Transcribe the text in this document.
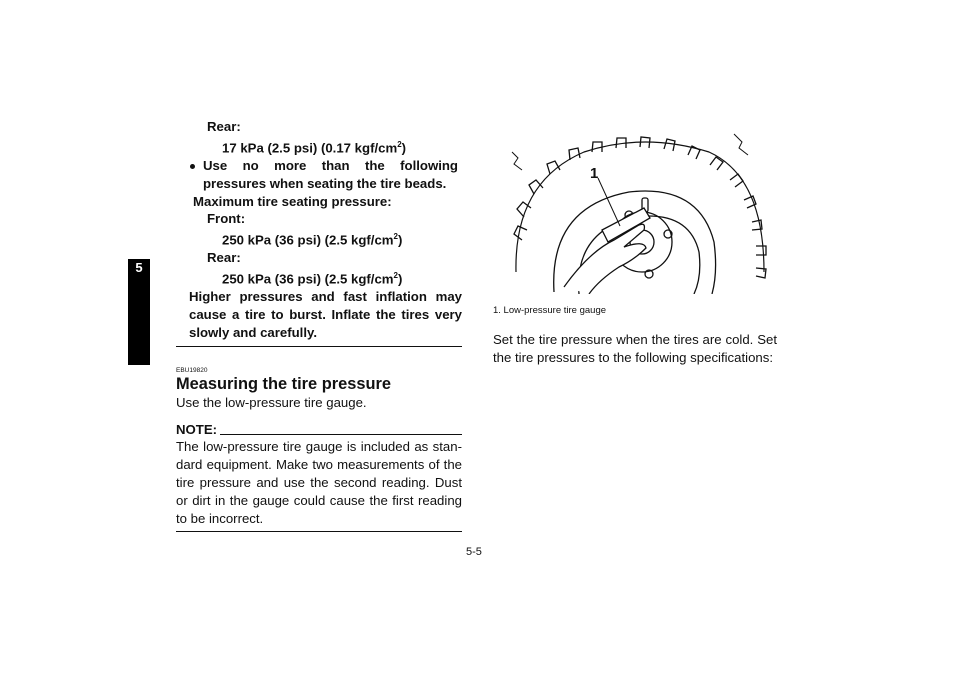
5
Rear:
17 kPa (2.5 psi) (0.17 kgf/$cm^2$)
Use no more than the following pressures when seating the tire beads.
Maximum tire seating pressure:
Front:
250 kPa (36 psi) (2.5 kgf/$cm^2$)
Rear:
250 kPa (36 psi) (2.5 kgf/$cm^2$)
Higher pressures and fast inflation may cause a tire to burst. Inflate the tires very slowly and carefully.
EBU19820
Measuring the tire pressure
Use the low-pressure tire gauge.
NOTE:
The low-pressure tire gauge is included as stan-dard equipment. Make two measurements of the tire pressure and use the second reading. Dust or dirt in the gauge could cause the first reading to be incorrect.
1
1. Low-pressure tire gauge
Set the tire pressure when the tires are cold. Set the tire pressures to the following specifications:
5-5
